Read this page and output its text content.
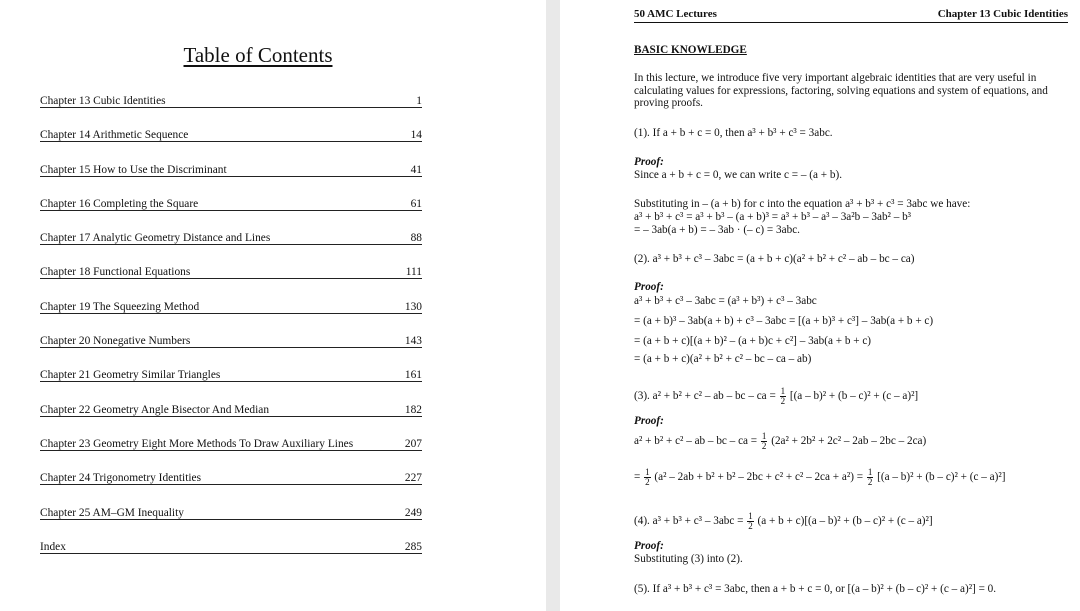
Table of Contents
Chapter 13 Cubic Identities	1
Chapter 14 Arithmetic Sequence	14
Chapter 15 How to Use the Discriminant	41
Chapter 16 Completing the Square	61
Chapter 17 Analytic Geometry Distance and Lines	88
Chapter 18 Functional Equations	111
Chapter 19 The Squeezing Method	130
Chapter 20 Nonegative Numbers	143
Chapter 21 Geometry Similar Triangles	161
Chapter 22 Geometry Angle Bisector And Median	182
Chapter 23 Geometry Eight More Methods To Draw Auxiliary Lines	207
Chapter 24 Trigonometry Identities	227
Chapter 25 AM–GM Inequality	249
Index	285
50 AMC Lectures	Chapter 13 Cubic Identities
BASIC KNOWLEDGE
In this lecture, we introduce five very important algebraic identities that are very useful in calculating values for expressions, factoring, solving equations and system of equations, and proving proofs.
(1). If a + b + c = 0, then a³ + b³ + c³ = 3abc.
Proof:
Since a + b + c = 0, we can write c = – (a + b).
Substituting in – (a + b) for c into the equation a³ + b³ + c³ = 3abc we have:
a³ + b³ + c³ = a³ + b³ – (a + b)³ = a³ + b³ – a³ – 3a²b – 3ab² – b³
= – 3ab(a + b) = – 3ab · (– c) = 3abc.
(2). a³ + b³ + c³ – 3abc = (a + b + c)(a² + b² + c² – ab – bc – ca)
Proof:
a³ + b³ + c³ – 3abc = (a³ + b³) + c³ – 3abc
= (a + b)³ – 3ab(a + b) + c³ – 3abc = [(a + b)³ + c³] – 3ab(a + b + c)
= (a + b + c)[(a + b)² – (a + b)c + c²] – 3ab(a + b + c)
= (a + b + c)(a² + b² + c² – bc – ca – ab)
(3). a² + b² + c² – ab – bc – ca = $\frac{1}{2} [(a - b)^2 + (b - c)^2 + (c - a)^2]$
Proof:
a² + b² + c² – ab – bc – ca = $\frac{1}{2} (2a^2 + 2b^2 + 2c^2 - 2ab - 2bc - 2ca)$
= $\frac{1}{2} (a^2 - 2ab + b^2 + b^2 - 2bc + c^2 + c^2 - 2ca + a^2) = \frac{1}{2} [(a - b)^2 + (b - c)^2 + (c - a)^2]$
(4). $a^3 + b^3 + c^3 - 3abc = \frac{1}{2} (a + b + c)[(a - b)^2 + (b - c)^2 + (c - a)^2]$
Proof:
Substituting (3) into (2).
(5). If a³ + b³ + c³ = 3abc, then a + b + c = 0, or [(a – b)² + (b – c)² + (c – a)²] = 0.
